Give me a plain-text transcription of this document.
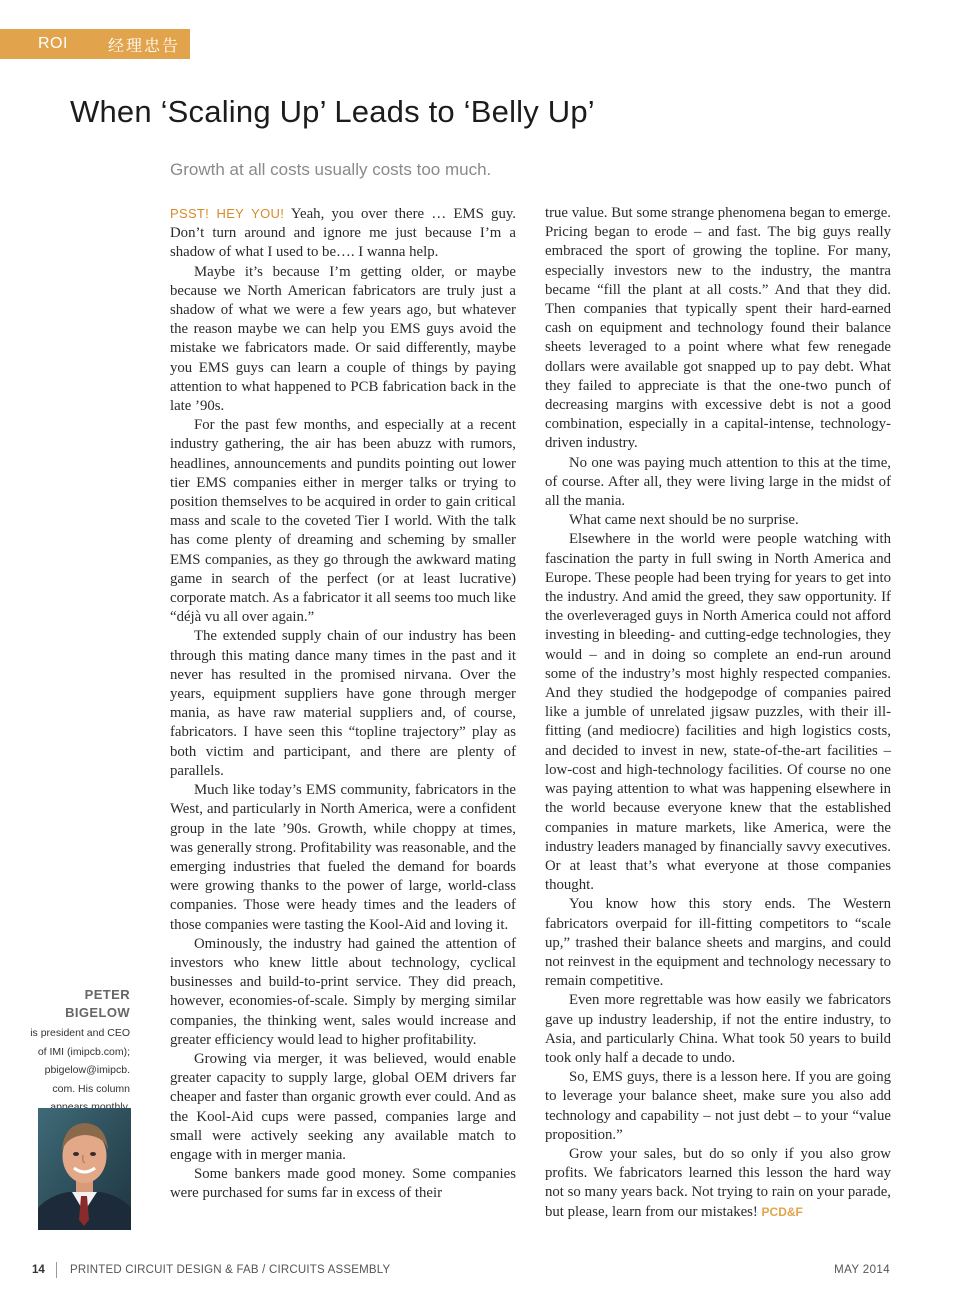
ROI	经理忠告
When ‘Scaling Up’ Leads to ‘Belly Up’
Growth at all costs usually costs too much.

PSST! HEY YOU! Yeah, you over there … EMS guy. Don’t turn around and ignore me just because I’m a shadow of what I used to be…. I wanna help.

Maybe it’s because I’m getting older, or maybe because we North American fabricators are truly just a shadow of what we were a few years ago, but whatever the reason maybe we can help you EMS guys avoid the mistake we fabricators made. Or said differently, maybe you EMS guys can learn a couple of things by paying attention to what happened to PCB fabrication back in the late ’90s.

For the past few months, and especially at a recent industry gathering, the air has been abuzz with rumors, headlines, announcements and pundits pointing out lower tier EMS companies either in merger talks or trying to position themselves to be acquired in order to gain critical mass and scale to the coveted Tier I world. With the talk has come plenty of dreaming and scheming by smaller EMS companies, as they go through the awkward mating game in search of the perfect (or at least lucrative) corporate match. As a fabricator it all seems too much like “déjà vu all over again.”

The extended supply chain of our industry has been through this mating dance many times in the past and it never has resulted in the promised nirvana. Over the years, equipment suppliers have gone through merger mania, as have raw material suppliers and, of course, fabricators. I have seen this “topline trajectory” play as both victim and participant, and there are plenty of parallels.

Much like today’s EMS community, fabricators in the West, and particularly in North America, were a confident group in the late ’90s. Growth, while choppy at times, was generally strong. Profitability was reasonable, and the emerging industries that fueled the demand for boards were growing thanks to the power of large, world-class companies. Those were heady times and the leaders of those companies were tasting the Kool-Aid and loving it.

Ominously, the industry had gained the attention of investors who knew little about technology, cyclical businesses and build-to-print service. They did preach, however, economies-of-scale. Simply by merging similar companies, the thinking went, sales would increase and greater efficiency would lead to higher profitability.

Growing via merger, it was believed, would enable greater capacity to supply large, global OEM drivers far cheaper and faster than organic growth ever could. And as the Kool-Aid cups were passed, companies large and small were actively seeking any available match to engage with in merger mania.

Some bankers made good money. Some companies were purchased for sums far in excess of their

true value. But some strange phenomena began to emerge. Pricing began to erode – and fast. The big guys really embraced the sport of growing the topline. For many, especially investors new to the industry, the mantra became “fill the plant at all costs.” And that they did. Then companies that typically spent their hard-earned cash on equipment and technology found their balance sheets leveraged to a point where what few renegade dollars were available got snapped up to pay debt. What they failed to appreciate is that the one-two punch of decreasing margins with excessive debt is not a good combination, especially in a capital-intense, technology-driven industry.

No one was paying much attention to this at the time, of course. After all, they were living large in the midst of all the mania.

What came next should be no surprise.

Elsewhere in the world were people watching with fascination the party in full swing in North America and Europe. These people had been trying for years to get into the industry. And amid the greed, they saw opportunity. If the overleveraged guys in North America could not afford investing in bleeding- and cutting-edge technologies, they would – and in doing so complete an end-run around some of the industry’s most highly respected companies. And they studied the hodgepodge of companies paired like a jumble of unrelated jigsaw puzzles, with their ill-fitting (and mediocre) facilities and high logistics costs, and decided to invest in new, state-of-the-art facilities – low-cost and high-technology facilities. Of course no one was paying attention to what was happening elsewhere in the world because everyone knew that the established companies in mature markets, like America, were the industry leaders managed by financially savvy executives. Or at least that’s what everyone at those companies thought.

You know how this story ends. The Western fabricators overpaid for ill-fitting competitors to “scale up,” trashed their balance sheets and margins, and could not reinvest in the equipment and technology necessary to remain competitive.

Even more regrettable was how easily we fabricators gave up industry leadership, if not the entire industry, to Asia, and particularly China. What took 50 years to build took only half a decade to undo.

So, EMS guys, there is a lesson here. If you are going to leverage your balance sheet, make sure you also add technology and capability – not just debt – to your “value proposition.”

Grow your sales, but do so only if you also grow profits. We fabricators learned this lesson the hard way not so many years back. Not trying to rain on your parade, but please, learn from our mistakes! PCD&F

PETER BIGELOW
is president and CEO
of IMI (imipcb.com);
pbigelow@imipcb.
com. His column
14 PRINTED CIRCUIT DESIGN & FAB / CIRCUITS ASSEMBLY	MAY 2014
